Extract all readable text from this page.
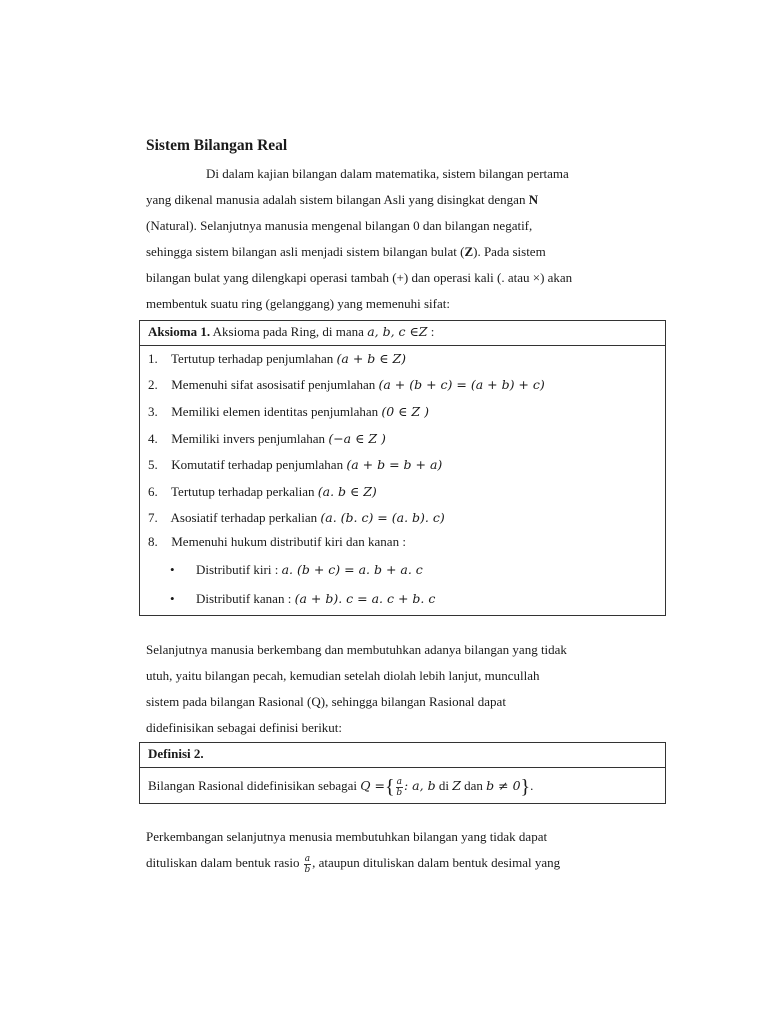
Sistem Bilangan Real
Di dalam kajian bilangan dalam matematika, sistem bilangan pertama
yang dikenal manusia adalah sistem bilangan Asli yang disingkat dengan N
(Natural). Selanjutnya manusia mengenal bilangan 0 dan bilangan negatif,
sehingga sistem bilangan asli menjadi sistem bilangan bulat (Z). Pada sistem
bilangan bulat yang dilengkapi operasi tambah (+) dan operasi kali (. atau ×) akan
membentuk suatu ring (gelanggang) yang memenuhi sifat:
Aksioma 1. Aksioma pada Ring, di mana a, b, c ∈Z :
1. Tertutup terhadap penjumlahan (a + b ∈ Z)
2. Memenuhi sifat asosisatif penjumlahan (a + (b + c) = (a + b) + c)
3. Memiliki elemen identitas penjumlahan (0 ∈ Z )
4. Memiliki invers penjumlahan (−a ∈ Z )
5. Komutatif terhadap penjumlahan (a + b = b + a)
6. Tertutup terhadap perkalian (a. b ∈ Z)
7. Asosiatif terhadap perkalian (a. (b. c) = (a. b). c)
8. Memenuhi hukum distributif kiri dan kanan :
• Distributif kiri : a. (b + c) = a. b + a. c
• Distributif kanan : (a + b). c = a. c + b. c
Selanjutnya manusia berkembang dan membutuhkan adanya bilangan yang tidak
utuh, yaitu bilangan pecah, kemudian setelah diolah lebih lanjut, muncullah
sistem pada bilangan Rasional (Q), sehingga bilangan Rasional dapat
didefinisikan sebagai definisi berikut:
Definisi 2.
Bilangan Rasional didefinisikan sebagai Q ={ $\frac{a}{b}$ : a, b di Z dan b ≠ 0}.
Perkembangan selanjutnya menusia membutuhkan bilangan yang tidak dapat
dituliskan dalam bentuk rasio $\frac{a}{b}$ , ataupun dituliskan dalam bentuk desimal yang
